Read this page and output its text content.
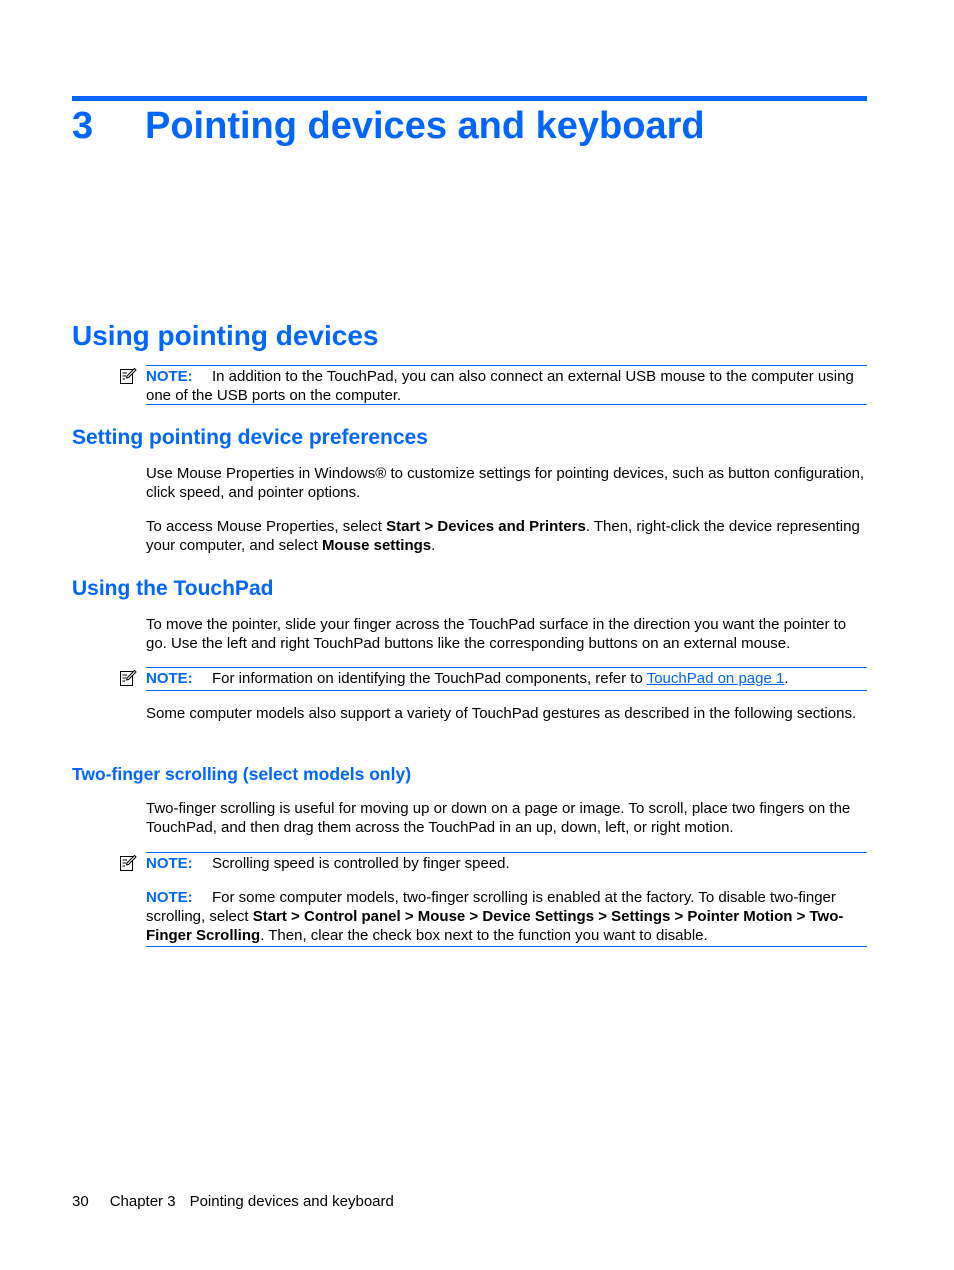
3 Pointing devices and keyboard
Using pointing devices
NOTE: In addition to the TouchPad, you can also connect an external USB mouse to the computer using one of the USB ports on the computer.
Setting pointing device preferences
Use Mouse Properties in Windows® to customize settings for pointing devices, such as button configuration, click speed, and pointer options.
To access Mouse Properties, select Start > Devices and Printers. Then, right-click the device representing your computer, and select Mouse settings.
Using the TouchPad
To move the pointer, slide your finger across the TouchPad surface in the direction you want the pointer to go. Use the left and right TouchPad buttons like the corresponding buttons on an external mouse.
NOTE: For information on identifying the TouchPad components, refer to TouchPad on page 1.
Some computer models also support a variety of TouchPad gestures as described in the following sections.
Two-finger scrolling (select models only)
Two-finger scrolling is useful for moving up or down on a page or image. To scroll, place two fingers on the TouchPad, and then drag them across the TouchPad in an up, down, left, or right motion.
NOTE: Scrolling speed is controlled by finger speed.
NOTE: For some computer models, two-finger scrolling is enabled at the factory. To disable two-finger scrolling, select Start > Control panel > Mouse > Device Settings > Settings > Pointer Motion > Two-Finger Scrolling. Then, clear the check box next to the function you want to disable.
30 Chapter 3 Pointing devices and keyboard
